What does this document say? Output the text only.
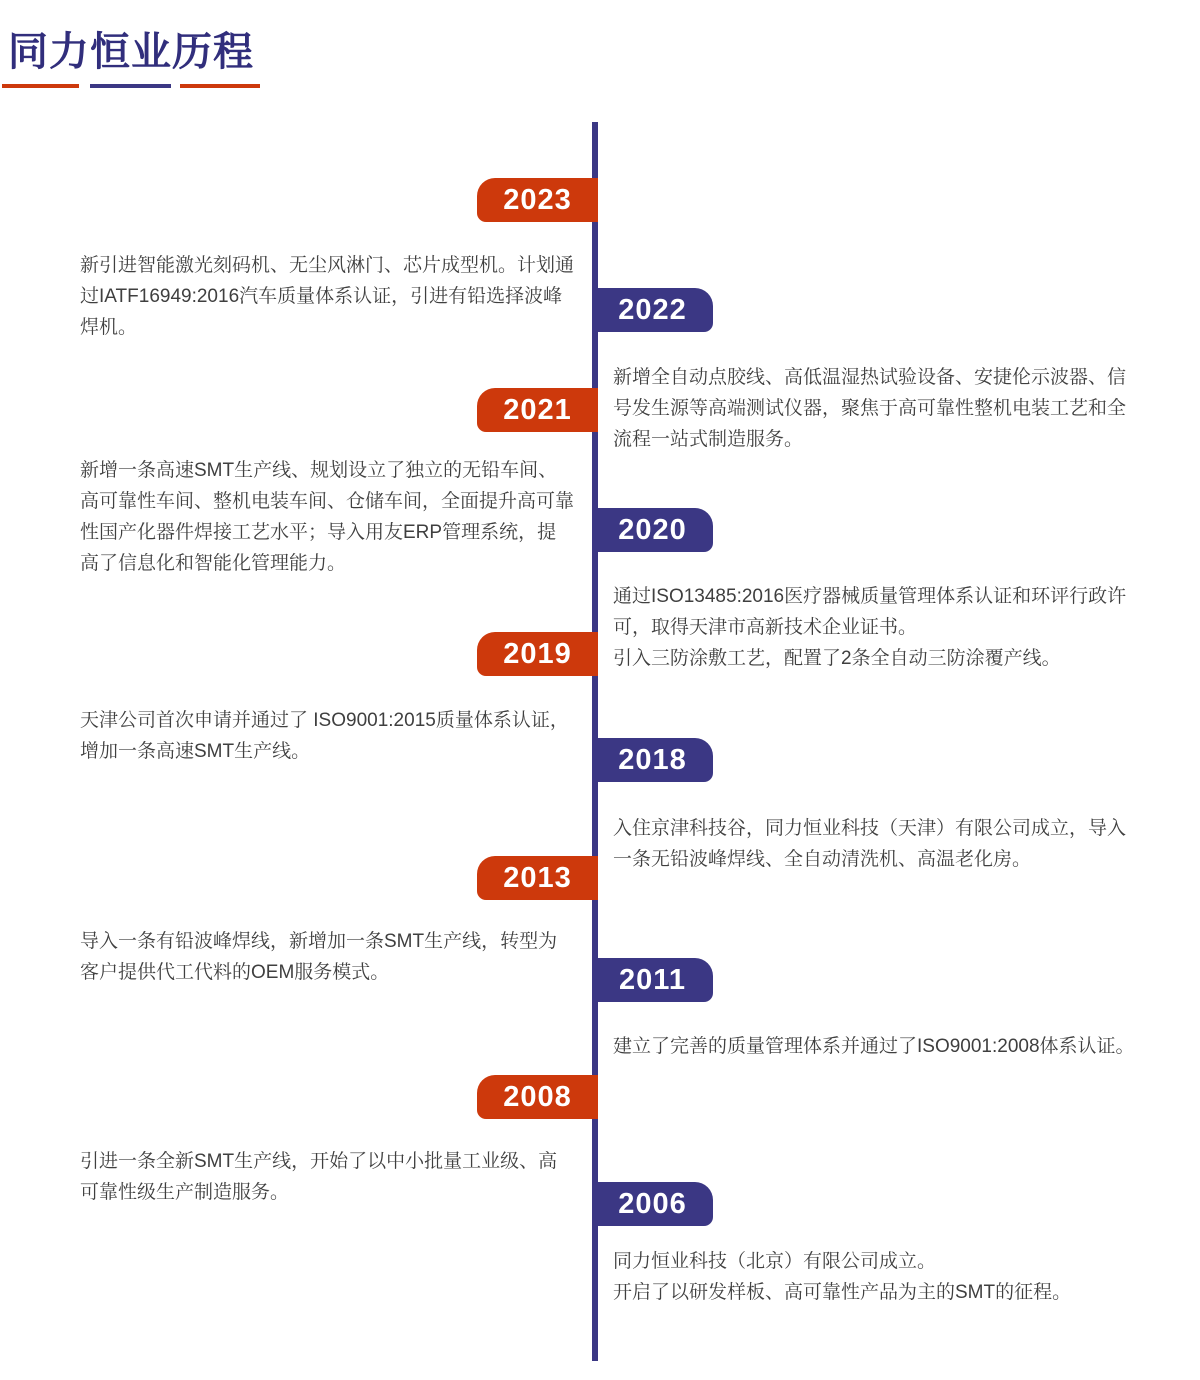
同力恒业历程
2023

新引进智能激光刻码机、无尘风淋门、芯片成型机。计划通过IATF16949:2016汽车质量体系认证，引进有铅选择波峰焊机。

2022

新增全自动点胶线、高低温湿热试验设备、安捷伦示波器、信号发生源等高端测试仪器，聚焦于高可靠性整机电装工艺和全流程一站式制造服务。

2021

新增一条高速SMT生产线、规划设立了独立的无铅车间、高可靠性车间、整机电装车间、仓储车间，全面提升高可靠性国产化器件焊接工艺水平；导入用友ERP管理系统，提高了信息化和智能化管理能力。

2020

通过ISO13485:2016医疗器械质量管理体系认证和环评行政许可，取得天津市高新技术企业证书。

引入三防涂敷工艺，配置了2条全自动三防涂覆产线。

2019

天津公司首次申请并通过了 ISO9001:2015质量体系认证，增加一条高速SMT生产线。	2018

入住京津科技谷，同力恒业科技（天津）有限公司成立，导入一条无铅波峰焊线、全自动清洗机、高温老化房。

2013

导入一条有铅波峰焊线，新增加一条SMT生产线，转型为客户提供代工代料的OEM服务模式。	2011

建立了完善的质量管理体系并通过了ISO9001:2008体系认证。

2008

引进一条全新SMT生产线，开始了以中小批量工业级、高可靠性级生产制造服务。	2006

同力恒业科技（北京）有限公司成立。

开启了以研发样板、高可靠性产品为主的SMT的征程。
